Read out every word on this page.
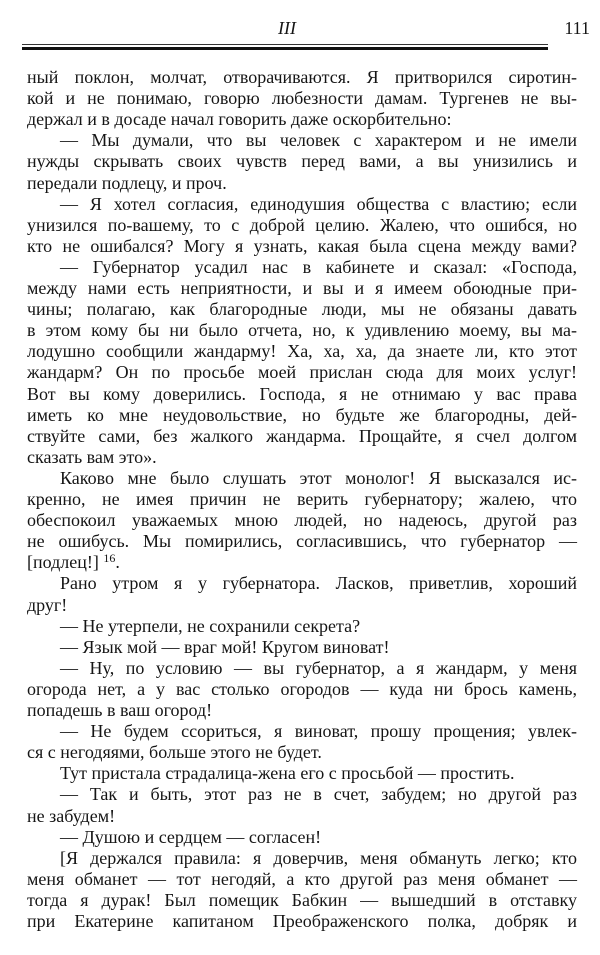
III	111
ный поклон, молчат, отворачиваются. Я притворился сиротин-
кой и не понимаю, говорю любезности дамам. Тургенев не вы-
держал и в досаде начал говорить даже оскорбительно:
— Мы думали, что вы человек с характером и не имели
нужды скрывать своих чувств перед вами, а вы унизились и
передали подлецу, и проч.
— Я хотел согласия, единодушия общества с властию; если
унизился по-вашему, то с доброй целию. Жалею, что ошибся, но
кто не ошибался? Могу я узнать, какая была сцена между вами?
— Губернатор усадил нас в кабинете и сказал: «Господа,
между нами есть неприятности, и вы и я имеем обоюдные при-
чины; полагаю, как благородные люди, мы не обязаны давать
в этом кому бы ни было отчета, но, к удивлению моему, вы ма-
лодушно сообщили жандарму! Ха, ха, ха, да знаете ли, кто этот
жандарм? Он по просьбе моей прислан сюда для моих услуг!
Вот вы кому доверились. Господа, я не отнимаю у вас права
иметь ко мне неудовольствие, но будьте же благородны, дей-
ствуйте сами, без жалкого жандарма. Прощайте, я счел долгом
сказать вам это».
Каково мне было слушать этот монолог! Я высказался ис-
кренно, не имея причин не верить губернатору; жалею, что
обеспокоил уважаемых мною людей, но надеюсь, другой раз
не ошибусь. Мы помирились, согласившись, что губернатор —
[подлец!] $^{16}$.
Рано утром я у губернатора. Ласков, приветлив, хороший
друг!
— Не утерпели, не сохранили секрета?
— Язык мой — враг мой! Кругом виноват!
— Ну, по условию — вы губернатор, а я жандарм, у меня
огорода нет, а у вас столько огородов — куда ни брось камень,
попадешь в ваш огород!
— Не будем ссориться, я виноват, прошу прощения; увлек-
ся с негодяями, больше этого не будет.
Тут пристала страдалица-жена его с просьбой — простить.
— Так и быть, этот раз не в счет, забудем; но другой раз
не забудем!
— Душою и сердцем — согласен!
[Я держался правила: я доверчив, меня обмануть легко; кто
меня обманет — тот негодяй, а кто другой раз меня обманет —
тогда я дурак! Был помещик Бабкин — вышедший в отставку
при Екатерине капитаном Преображенского полка, добряк и
